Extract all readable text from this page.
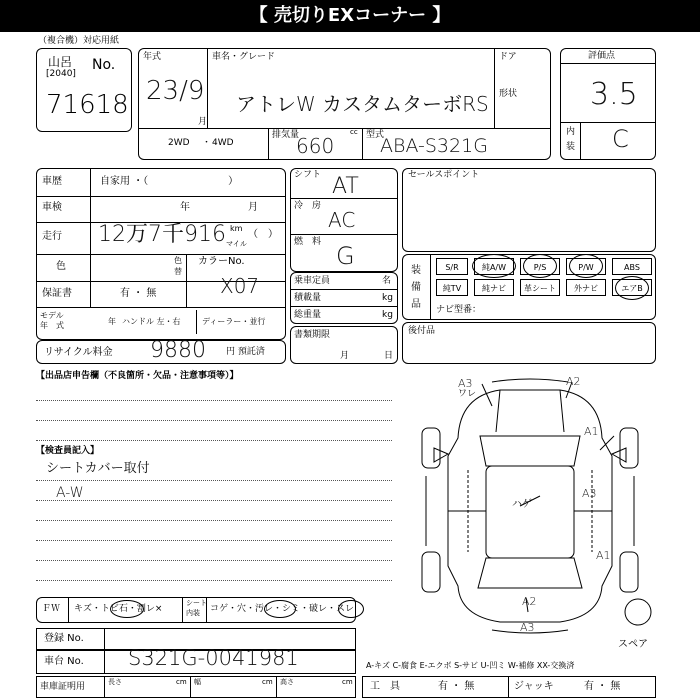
【 売切りEXコーナー 】
（複合機）対応用紙
山呂
[2040]
No.
71618
年式
23/9
月
車名・グレード
アトレW カスタムターボRS
ドア
形状
2WD ・ 4WD
排気量	cc
660	型式
ABA-S321G
評価点
3.5
内
装 C
車歴	自家用 ・（　　　　　　　　）
車検	年	月
走行 12万7千916 km
マイル
（　）
色
色
替
カラーNo.
X07
保証書	有 ・ 無
モデル
年　式	年 ハンドル 左・右	ディーラー・並行
リサイクル料金 9880 円 預託済
シフト AT
冷　房
AC
燃　料 G
乗車定員	名
積載量	kg
総重量	kg
書類期限
月	日
セールスポイント
装
備
品
S/R	純A/W	P/S	P/W	ABS
純TV	純ナビ	革シート	外ナビ	エアB
ナビ型番：
後付品
【出品店申告欄（不良箇所・欠品・注意事項等）】
【検査員記入】
シートカバー取付
A-W
A3
ワレ
A2
A1
A3
A2
A3
A1
ハゲ
スペア
ＦＷ キズ・トビ石・割レ×
シート
内装 コゲ・穴・汚レ・シミ・破レ・スレ
登録 No.
車台 No. S321G-0041981
車庫証明用	長さ	cm 幅	cm 高さ	cm
A-キズ C-腐食 E-エクボ S-サビ U-凹ミ W-補修 XX-交換済
工　具	有 ・ 無	ジャッキ	有 ・ 無
